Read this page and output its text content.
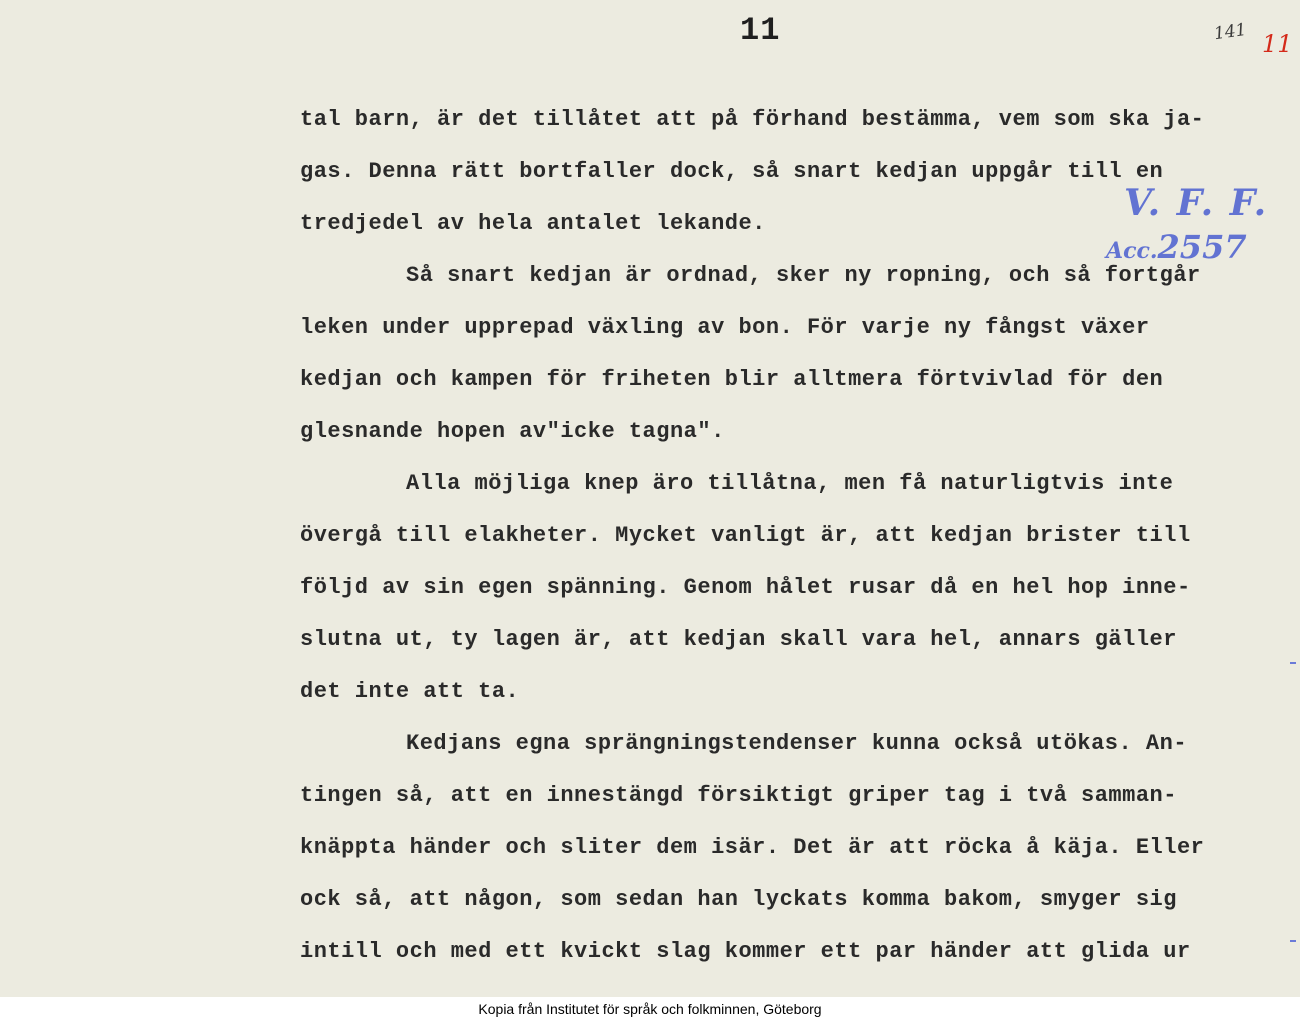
11	141 11
V. F. F.
Acc.2557
tal barn, är det tillåtet att på förhand bestämma, vem som ska ja-
gas. Denna rätt bortfaller dock, så snart kedjan uppgår till en
tredjedel av hela antalet lekande.
Så snart kedjan är ordnad, sker ny ropning, och så fortgår
leken under upprepad växling av bon. För varje ny fångst växer
kedjan och kampen för friheten blir alltmera förtvivlad för den
glesnande hopen av"icke tagna".
Alla möjliga knep äro tillåtna, men få naturligtvis inte
övergå till elakheter. Mycket vanligt är, att kedjan brister till
följd av sin egen spänning. Genom hålet rusar då en hel hop inne-
slutna ut, ty lagen är, att kedjan skall vara hel, annars gäller
det inte att ta.
Kedjans egna sprängningstendenser kunna också utökas. An-
tingen så, att en innestängd försiktigt griper tag i två samman-
knäppta händer och sliter dem isär. Det är att röcka å käja. Eller
ock så, att någon, som sedan han lyckats komma bakom, smyger sig
intill och med ett kvickt slag kommer ett par händer att glida ur
Kopia från Institutet för språk och folkminnen, Göteborg
